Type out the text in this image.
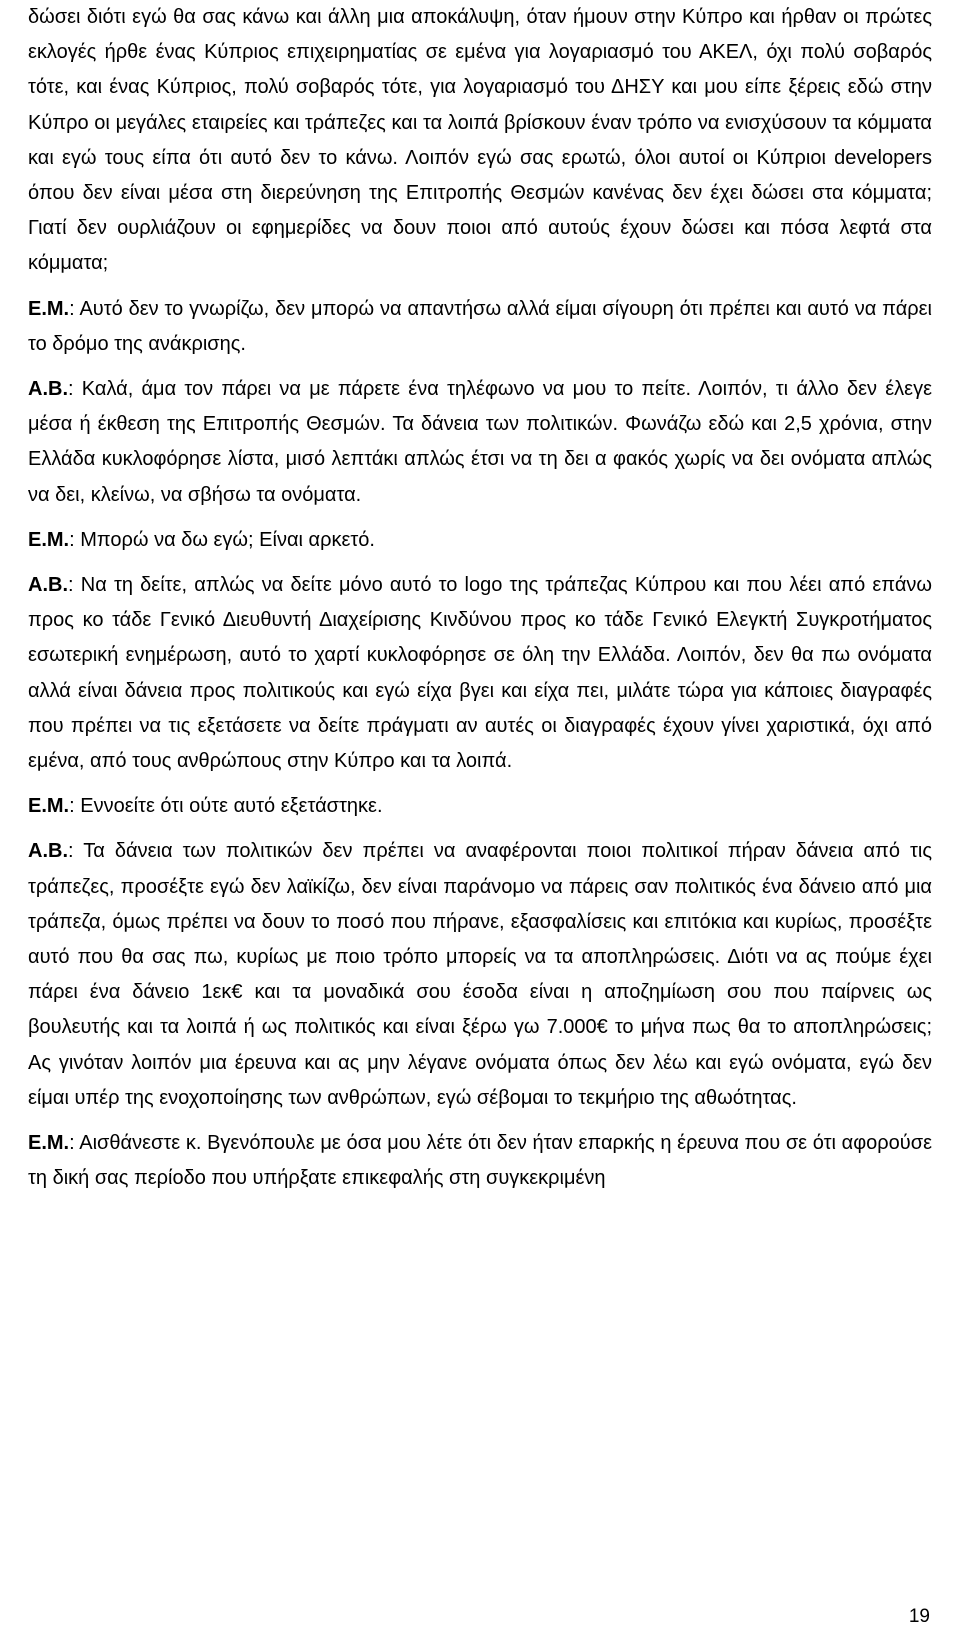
δώσει διότι εγώ θα σας κάνω και άλλη μια αποκάλυψη, όταν ήμουν στην Κύπρο και ήρθαν οι πρώτες εκλογές ήρθε ένας Κύπριος επιχειρηματίας σε εμένα για λογαριασμό του ΑΚΕΛ, όχι πολύ σοβαρός τότε, και ένας Κύπριος, πολύ σοβαρός τότε, για λογαριασμό του ΔΗΣΥ και μου είπε ξέρεις εδώ στην Κύπρο οι μεγάλες εταιρείες και τράπεζες και τα λοιπά βρίσκουν έναν τρόπο να ενισχύσουν τα κόμματα και εγώ τους είπα ότι αυτό δεν το κάνω. Λοιπόν εγώ σας ερωτώ, όλοι αυτοί οι Κύπριοι developers όπου δεν είναι μέσα στη διερεύνηση της Επιτροπής Θεσμών κανένας δεν έχει δώσει στα κόμματα; Γιατί δεν ουρλιάζουν οι εφημερίδες να δουν ποιοι από αυτούς έχουν δώσει και πόσα λεφτά στα κόμματα;

Ε.Μ.: Αυτό δεν το γνωρίζω, δεν μπορώ να απαντήσω αλλά είμαι σίγουρη ότι πρέπει και αυτό να πάρει το δρόμο της ανάκρισης.

Α.Β.: Καλά, άμα τον πάρει να με πάρετε ένα τηλέφωνο να μου το πείτε. Λοιπόν, τι άλλο δεν έλεγε μέσα ή έκθεση της Επιτροπής Θεσμών. Τα δάνεια των πολιτικών. Φωνάζω εδώ και 2,5 χρόνια, στην Ελλάδα κυκλοφόρησε λίστα, μισό λεπτάκι απλώς έτσι να τη δει α φακός χωρίς να δει ονόματα απλώς να δει, κλείνω, να σβήσω τα ονόματα.

Ε.Μ.: Μπορώ να δω εγώ; Είναι αρκετό.

Α.Β.: Να τη δείτε, απλώς να δείτε μόνο αυτό το logo της τράπεζας Κύπρου και που λέει από επάνω προς κο τάδε Γενικό Διευθυντή Διαχείρισης Κινδύνου προς κο τάδε Γενικό Ελεγκτή Συγκροτήματος εσωτερική ενημέρωση, αυτό το χαρτί κυκλοφόρησε σε όλη την Ελλάδα. Λοιπόν, δεν θα πω ονόματα αλλά είναι δάνεια προς πολιτικούς και εγώ είχα βγει και είχα πει, μιλάτε τώρα για κάποιες διαγραφές που πρέπει να τις εξετάσετε να δείτε πράγματι αν αυτές οι διαγραφές έχουν γίνει χαριστικά, όχι από εμένα, από τους ανθρώπους στην Κύπρο και τα λοιπά.

Ε.Μ.: Εννοείτε ότι ούτε αυτό εξετάστηκε.

Α.Β.: Τα δάνεια των πολιτικών δεν πρέπει να αναφέρονται ποιοι πολιτικοί πήραν δάνεια από τις τράπεζες, προσέξτε εγώ δεν λαϊκίζω, δεν είναι παράνομο να πάρεις σαν πολιτικός ένα δάνειο από μια τράπεζα, όμως πρέπει να δουν το ποσό που πήρανε, εξασφαλίσεις και επιτόκια και κυρίως, προσέξτε αυτό που θα σας πω, κυρίως με ποιο τρόπο μπορείς να τα αποπληρώσεις. Διότι να ας πούμε έχει πάρει ένα δάνειο 1εκ€ και τα μοναδικά σου έσοδα είναι η αποζημίωση σου που παίρνεις ως βουλευτής και τα λοιπά ή ως πολιτικός και είναι ξέρω γω 7.000€ το μήνα πως θα το αποπληρώσεις; Ας γινόταν λοιπόν μια έρευνα και ας μην λέγανε ονόματα όπως δεν λέω και εγώ ονόματα, εγώ δεν είμαι υπέρ της ενοχοποίησης των ανθρώπων, εγώ σέβομαι το τεκμήριο της αθωότητας.

Ε.Μ.: Αισθάνεστε κ. Βγενόπουλε με όσα μου λέτε ότι δεν ήταν επαρκής η έρευνα που σε ότι αφορούσε τη δική σας περίοδο που υπήρξατε επικεφαλής στη συγκεκριμένη

19
